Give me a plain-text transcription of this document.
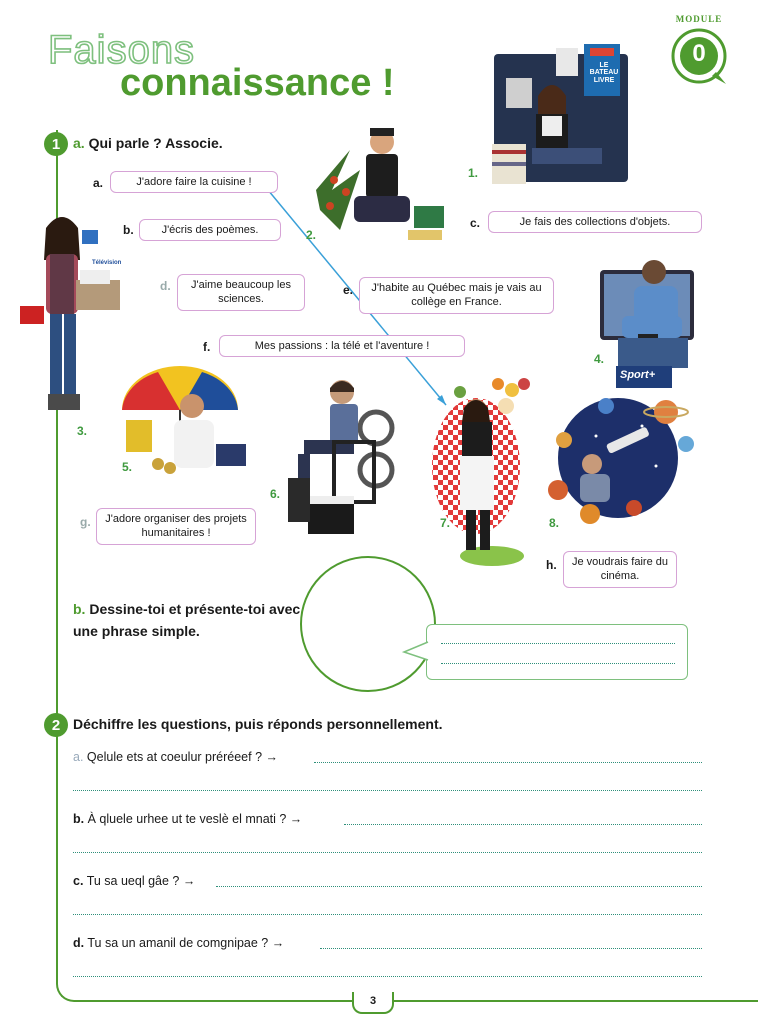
Faisons
connaissance !
MODULE
0
1 a. Qui parle ? Associe.
a.	J'adore faire la cuisine !
b.	J'écris des poèmes.	c.	Je fais des collections d'objets.
d.	J'aime beaucoup les sciences.
e.	J'habite au Québec mais je vais au collège en France.
f.	Mes passions : la télé et l'aventure !
g.	J'adore organiser des projets humanitaires !
h.	Je voudrais faire du cinéma.
LE BATEAU LIVRE
1.
2.
Télévision
3.
Sport+
4.
5.
6.
7.	8.
b. Dessine-toi et présente-toi avec une phrase simple.
2 Déchiffre les questions, puis réponds personnellement.
a. Qelule ets at coeulur préréeef ? →
b. À qluele urhee ut te veslè el mnati ? →
c. Tu sa ueql gâe ? →
d. Tu sa un amanil de comgnipae ? →
3
